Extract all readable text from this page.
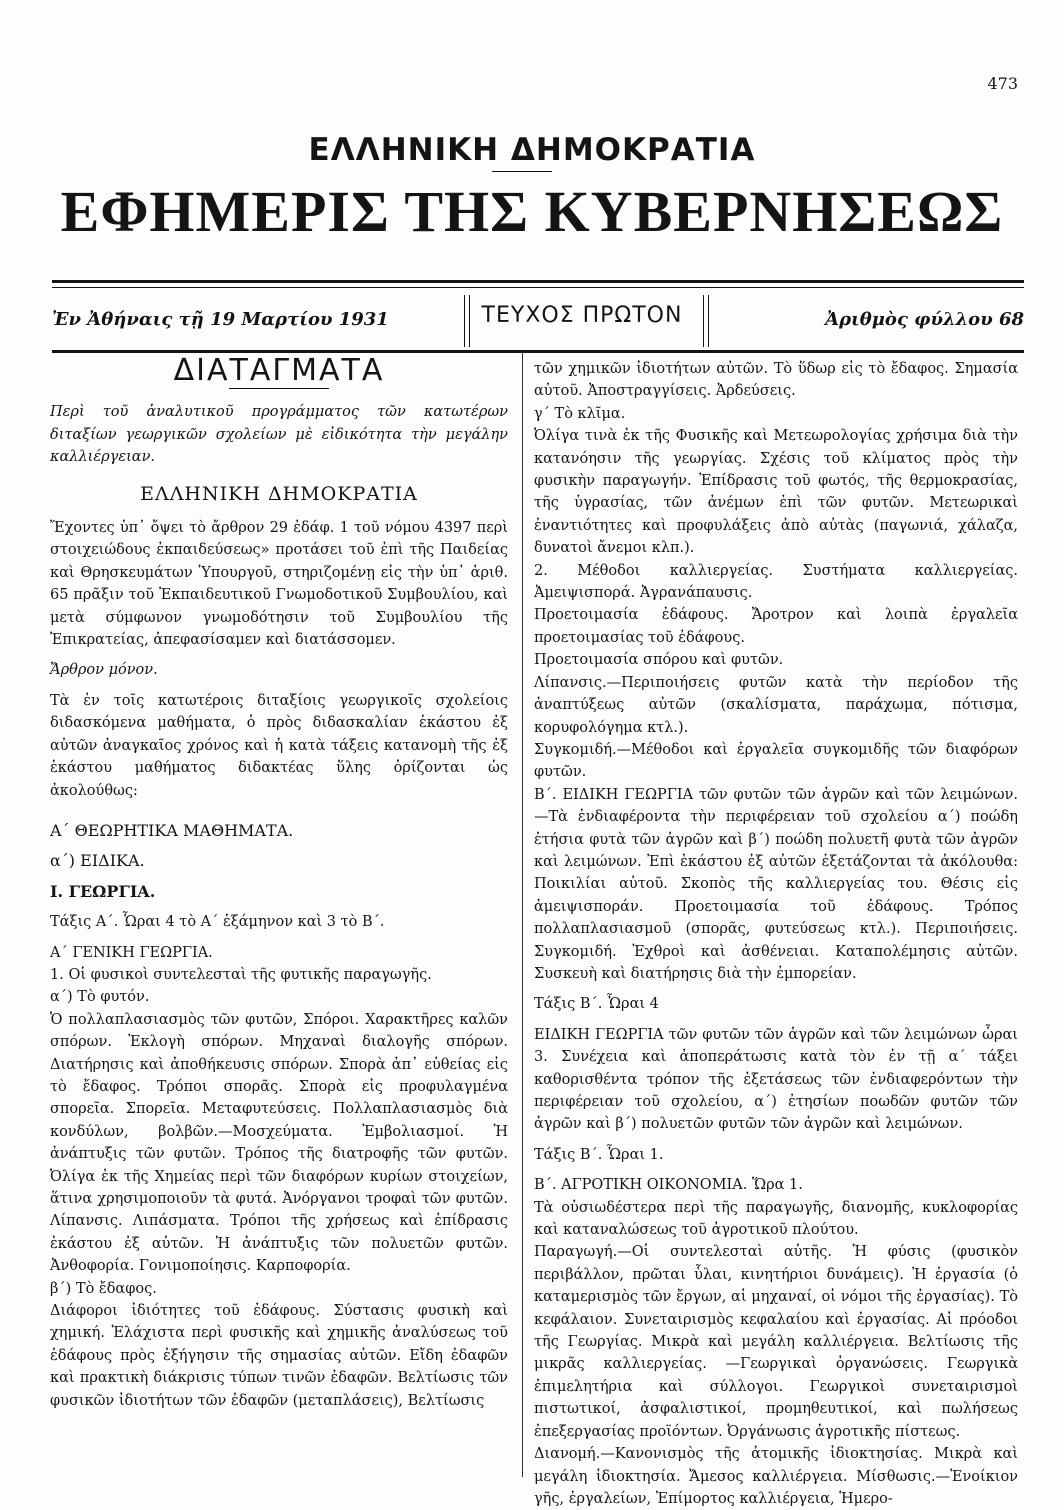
473
ΕΛΛΗΝΙΚΗ ΔΗΜΟΚΡΑΤΙΑ
ΕΦΗΜΕΡΙΣ ΤΗΣ ΚΥΒΕΡΝΗΣΕΩΣ
Ἐν Ἀθήναις τῇ 19 Μαρτίου 1931	ΤΕΥΧΟΣ ΠΡΩΤΟΝ	Ἀριθμὸς φύλλου 68
ΔΙΑΤΑΓΜΑΤΑ

Περὶ τοῦ ἀναλυτικοῦ προγράμματος τῶν κατωτέρων διταξίων γεωργικῶν σχολείων μὲ εἰδικότητα τὴν μεγάλην καλλιέργειαν.

ΕΛΛΗΝΙΚΗ ΔΗΜΟΚΡΑΤΙΑ

Ἔχοντες ὑπ᾽ ὄψει τὸ ἄρθρον 29 ἐδάφ. 1 τοῦ νόμου 4397 περὶ στοιχειώδους ἐκπαιδεύσεως» προτάσει τοῦ ἐπὶ τῆς Παιδείας καὶ Θρησκευμάτων Ὑπουργοῦ, στηριζομένῃ εἰς τὴν ὑπ᾽ ἀριθ. 65 πρᾶξιν τοῦ Ἐκπαιδευτικοῦ Γνωμοδοτικοῦ Συμβουλίου, καὶ μετὰ σύμφωνον γνωμοδότησιν τοῦ Συμβουλίου τῆς Ἐπικρατείας, ἀπεφασίσαμεν καὶ διατάσσομεν.

Ἄρθρον μόνον.

Τὰ ἐν τοῖς κατωτέροις διταξίοις γεωργικοῖς σχολείοις διδασκόμενα μαθήματα, ὁ πρὸς διδασκαλίαν ἑκάστου ἐξ αὐτῶν ἀναγκαῖος χρόνος καὶ ἡ κατὰ τάξεις κατανομὴ τῆς ἐξ ἑκάστου μαθήματος διδακτέας ὕλης ὁρίζονται ὡς ἀκολούθως:

Α΄ ΘΕΩΡΗΤΙΚΑ ΜΑΘΗΜΑΤΑ.

α΄) ΕΙΔΙΚΑ.

Ι. ΓΕΩΡΓΙΑ.

Τάξις Α΄. Ὧραι 4 τὸ Α΄ ἑξάμηνον καὶ 3 τὸ Β΄.

Α΄ ΓΕΝΙΚΗ ΓΕΩΡΓΙΑ.

1. Οἱ φυσικοὶ συντελεσταὶ τῆς φυτικῆς παραγωγῆς.

α΄) Τὸ φυτόν.

Ὁ πολλαπλασιασμὸς τῶν φυτῶν, Σπόροι. Χαρακτῆρες καλῶν σπόρων. Ἐκλογὴ σπόρων. Μηχαναὶ διαλογῆς σπόρων. Διατήρησις καὶ ἀποθήκευσις σπόρων. Σπορὰ ἀπ᾽ εὐθείας εἰς τὸ ἔδαφος. Τρόποι σπορᾶς. Σπορὰ εἰς προφυλαγμένα σπορεῖα. Σπορεῖα. Μεταφυτεύσεις. Πολλαπλασιασμὸς διὰ κονδύλων, βολβῶν.—Μοσχεύματα. Ἐμβολιασμοί. Ἡ ἀνάπτυξις τῶν φυτῶν. Τρόπος τῆς διατροφῆς τῶν φυτῶν. Ὀλίγα ἐκ τῆς Χημείας περὶ τῶν διαφόρων κυρίων στοιχείων, ἅτινα χρησιμοποιοῦν τὰ φυτά. Ἀνόργανοι τροφαὶ τῶν φυτῶν. Λίπανσις. Λιπάσματα. Τρόποι τῆς χρήσεως καὶ ἐπίδρασις ἑκάστου ἐξ αὐτῶν. Ἡ ἀνάπτυξις τῶν πολυετῶν φυτῶν. Ἀνθοφορία. Γονιμοποίησις. Καρποφορία.

β΄) Τὸ ἔδαφος.

Διάφοροι ἰδιότητες τοῦ ἐδάφους. Σύστασις φυσικὴ καὶ χημική. Ἐλάχιστα περὶ φυσικῆς καὶ χημικῆς ἀναλύσεως τοῦ ἐδάφους πρὸς ἐξήγησιν τῆς σημασίας αὐτῶν. Εἴδη ἐδαφῶν καὶ πρακτικὴ διάκρισις τύπων τινῶν ἐδαφῶν. Βελτίωσις τῶν φυσικῶν ἰδιοτήτων τῶν ἐδαφῶν (μεταπλάσεις), Βελτίωσις

τῶν χημικῶν ἰδιοτήτων αὐτῶν. Τὸ ὕδωρ εἰς τὸ ἔδαφος. Σημασία αὐτοῦ. Ἀποστραγγίσεις. Ἀρδεύσεις.

γ΄ Τὸ κλῖμα.

Ὀλίγα τινὰ ἐκ τῆς Φυσικῆς καὶ Μετεωρολογίας χρήσιμα διὰ τὴν κατανόησιν τῆς γεωργίας. Σχέσις τοῦ κλίματος πρὸς τὴν φυσικὴν παραγωγήν. Ἐπίδρασις τοῦ φωτός, τῆς θερμοκρασίας, τῆς ὑγρασίας, τῶν ἀνέμων ἐπὶ τῶν φυτῶν. Μετεωρικαὶ ἐναντιότητες καὶ προφυλάξεις ἀπὸ αὐτὰς (παγωνιά, χάλαζα, δυνατοὶ ἄνεμοι κλπ.).

2. Μέθοδοι καλλιεργείας. Συστήματα καλλιεργείας. Ἀμειψισπορά. Ἀγρανάπαυσις.

Προετοιμασία ἐδάφους. Ἄροτρον καὶ λοιπὰ ἐργαλεῖα προετοιμασίας τοῦ ἐδάφους.

Προετοιμασία σπόρου καὶ φυτῶν.

Λίπανσις.—Περιποιήσεις φυτῶν κατὰ τὴν περίοδον τῆς ἀναπτύξεως αὐτῶν (σκαλίσματα, παράχωμα, πότισμα, κορυφολόγημα κτλ.).

Συγκομιδή.—Μέθοδοι καὶ ἐργαλεῖα συγκομιδῆς τῶν διαφόρων φυτῶν.

Β΄. ΕΙΔΙΚΗ ΓΕΩΡΓΙΑ τῶν φυτῶν τῶν ἀγρῶν καὶ τῶν λειμώνων.—Τὰ ἐνδιαφέροντα τὴν περιφέρειαν τοῦ σχολείου α΄) ποώδη ἐτήσια φυτὰ τῶν ἀγρῶν καὶ β΄) ποώδη πολυετῆ φυτὰ τῶν ἀγρῶν καὶ λειμώνων. Ἐπὶ ἑκάστου ἐξ αὐτῶν ἐξετάζονται τὰ ἀκόλουθα: Ποικιλίαι αὐτοῦ. Σκοπὸς τῆς καλλιεργείας του. Θέσις εἰς ἀμειψισποράν. Προετοιμασία τοῦ ἐδάφους. Τρόπος πολλαπλασιασμοῦ (σπορᾶς, φυτεύσεως κτλ.). Περιποιήσεις. Συγκομιδή. Ἐχθροὶ καὶ ἀσθένειαι. Καταπολέμησις αὐτῶν. Συσκευὴ καὶ διατήρησις διὰ τὴν ἐμπορείαν.

Τάξις Β΄. Ὧραι 4

ΕΙΔΙΚΗ ΓΕΩΡΓΙΑ τῶν φυτῶν τῶν ἀγρῶν καὶ τῶν λειμώνων ὧραι 3. Συνέχεια καὶ ἀποπεράτωσις κατὰ τὸν ἐν τῇ α΄ τάξει καθορισθέντα τρόπον τῆς ἐξετάσεως τῶν ἐνδιαφερόντων τὴν περιφέρειαν τοῦ σχολείου, α΄) ἐτησίων ποωδῶν φυτῶν τῶν ἀγρῶν καὶ β΄) πολυετῶν φυτῶν τῶν ἀγρῶν καὶ λειμώνων.

Τάξις Β΄. Ὧραι 1.

Β΄. ΑΓΡΟΤΙΚΗ ΟΙΚΟΝΟΜΙΑ. Ὥρα 1.

Τὰ οὐσιωδέστερα περὶ τῆς παραγωγῆς, διανομῆς, κυκλοφορίας καὶ καταναλώσεως τοῦ ἀγροτικοῦ πλούτου.

Παραγωγή.—Οἱ συντελεσταὶ αὐτῆς. Ἡ φύσις (φυσικὸν περιβάλλον, πρῶται ὗλαι, κινητήριοι δυνάμεις). Ἡ ἐργασία (ὁ καταμερισμὸς τῶν ἔργων, αἱ μηχαναί, οἱ νόμοι τῆς ἐργασίας). Τὸ κεφάλαιον. Συνεταιρισμὸς κεφαλαίου καὶ ἐργασίας. Αἱ πρόοδοι τῆς Γεωργίας. Μικρὰ καὶ μεγάλη καλλιέργεια. Βελτίωσις τῆς μικρᾶς καλλιεργείας. —Γεωργικαὶ ὀργανώσεις. Γεωργικὰ ἐπιμελητήρια καὶ σύλλογοι. Γεωργικοὶ συνεταιρισμοὶ πιστωτικοί, ἀσφαλιστικοί, προμηθευτικοί, καὶ πωλήσεως ἐπεξεργασίας προϊόντων. Ὀργάνωσις ἀγροτικῆς πίστεως.

Διανομή.—Κανονισμὸς τῆς ἀτομικῆς ἰδιοκτησίας. Μικρὰ καὶ μεγάλη ἰδιοκτησία. Ἄμεσος καλλιέργεια. Μίσθωσις.—Ἐνοίκιον γῆς, ἐργαλείων, Ἐπίμορτος καλλιέργεια, Ἡμερο-
